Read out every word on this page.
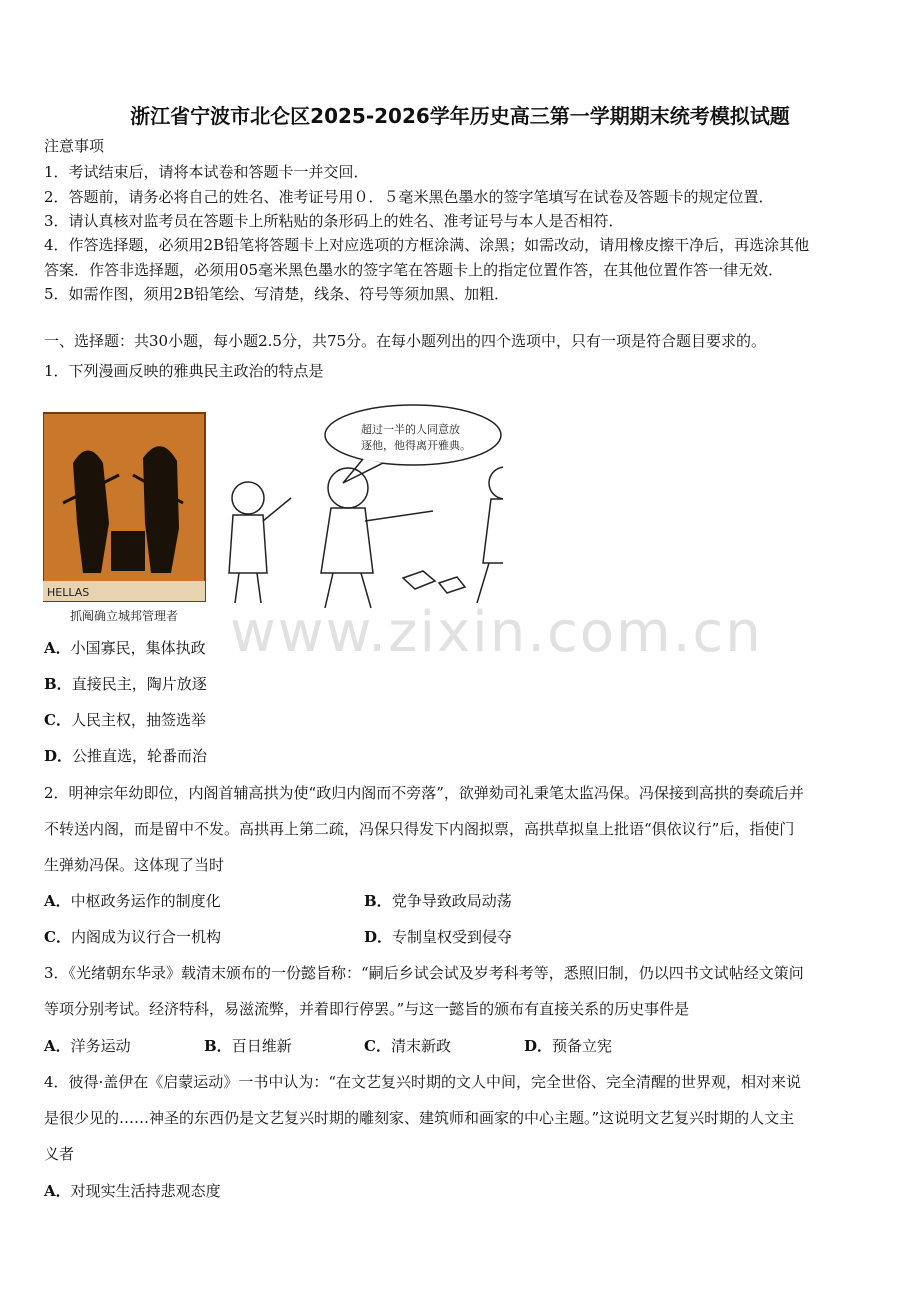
浙江省宁波市北仑区2025-2026学年历史高三第一学期期末统考模拟试题
注意事项
1．考试结束后，请将本试卷和答题卡一并交回．
2．答题前，请务必将自己的姓名、准考证号用０．５毫米黑色墨水的签字笔填写在试卷及答题卡的规定位置．
3．请认真核对监考员在答题卡上所粘贴的条形码上的姓名、准考证号与本人是否相符．
4．作答选择题，必须用2B铅笔将答题卡上对应选项的方框涂满、涂黑；如需改动，请用橡皮擦干净后，再选涂其他
答案．作答非选择题，必须用05毫米黑色墨水的签字笔在答题卡上的指定位置作答，在其他位置作答一律无效．
5．如需作图，须用2B铅笔绘、写清楚，线条、符号等须加黑、加粗．
一、选择题：共30小题，每小题2.5分，共75分。在每小题列出的四个选项中，只有一项是符合题目要求的。
1．下列漫画反映的雅典民主政治的特点是
HELLAS
超过一半的人同意放
逐他，他得离开雅典。
抓阄确立城邦管理者 www.zixin.com.cn
A．小国寡民，集体执政
B．直接民主，陶片放逐
C．人民主权，抽签选举
D．公推直选，轮番而治
2．明神宗年幼即位，内阁首辅高拱为使“政归内阁而不旁落”，欲弹劾司礼秉笔太监冯保。冯保接到高拱的奏疏后并
不转送内阁，而是留中不发。高拱再上第二疏，冯保只得发下内阁拟票，高拱草拟皇上批语“俱依议行”后，指使门
生弹劾冯保。这体现了当时
A．中枢政务运作的制度化	B．党争导致政局动荡
C．内阁成为议行合一机构	D．专制皇权受到侵夺
3．《光绪朝东华录》载清末颁布的一份懿旨称：“嗣后乡试会试及岁考科考等，悉照旧制，仍以四书文试帖经文策问
等项分别考试。经济特科，易滋流弊，并着即行停罢。”与这一懿旨的颁布有直接关系的历史事件是
A．洋务运动	B．百日维新	C．清末新政	D．预备立宪
4．彼得·盖伊在《启蒙运动》一书中认为：“在文艺复兴时期的文人中间，完全世俗、完全清醒的世界观，相对来说
是很少见的……神圣的东西仍是文艺复兴时期的雕刻家、建筑师和画家的中心主题。”这说明文艺复兴时期的人文主
义者
A．对现实生活持悲观态度
